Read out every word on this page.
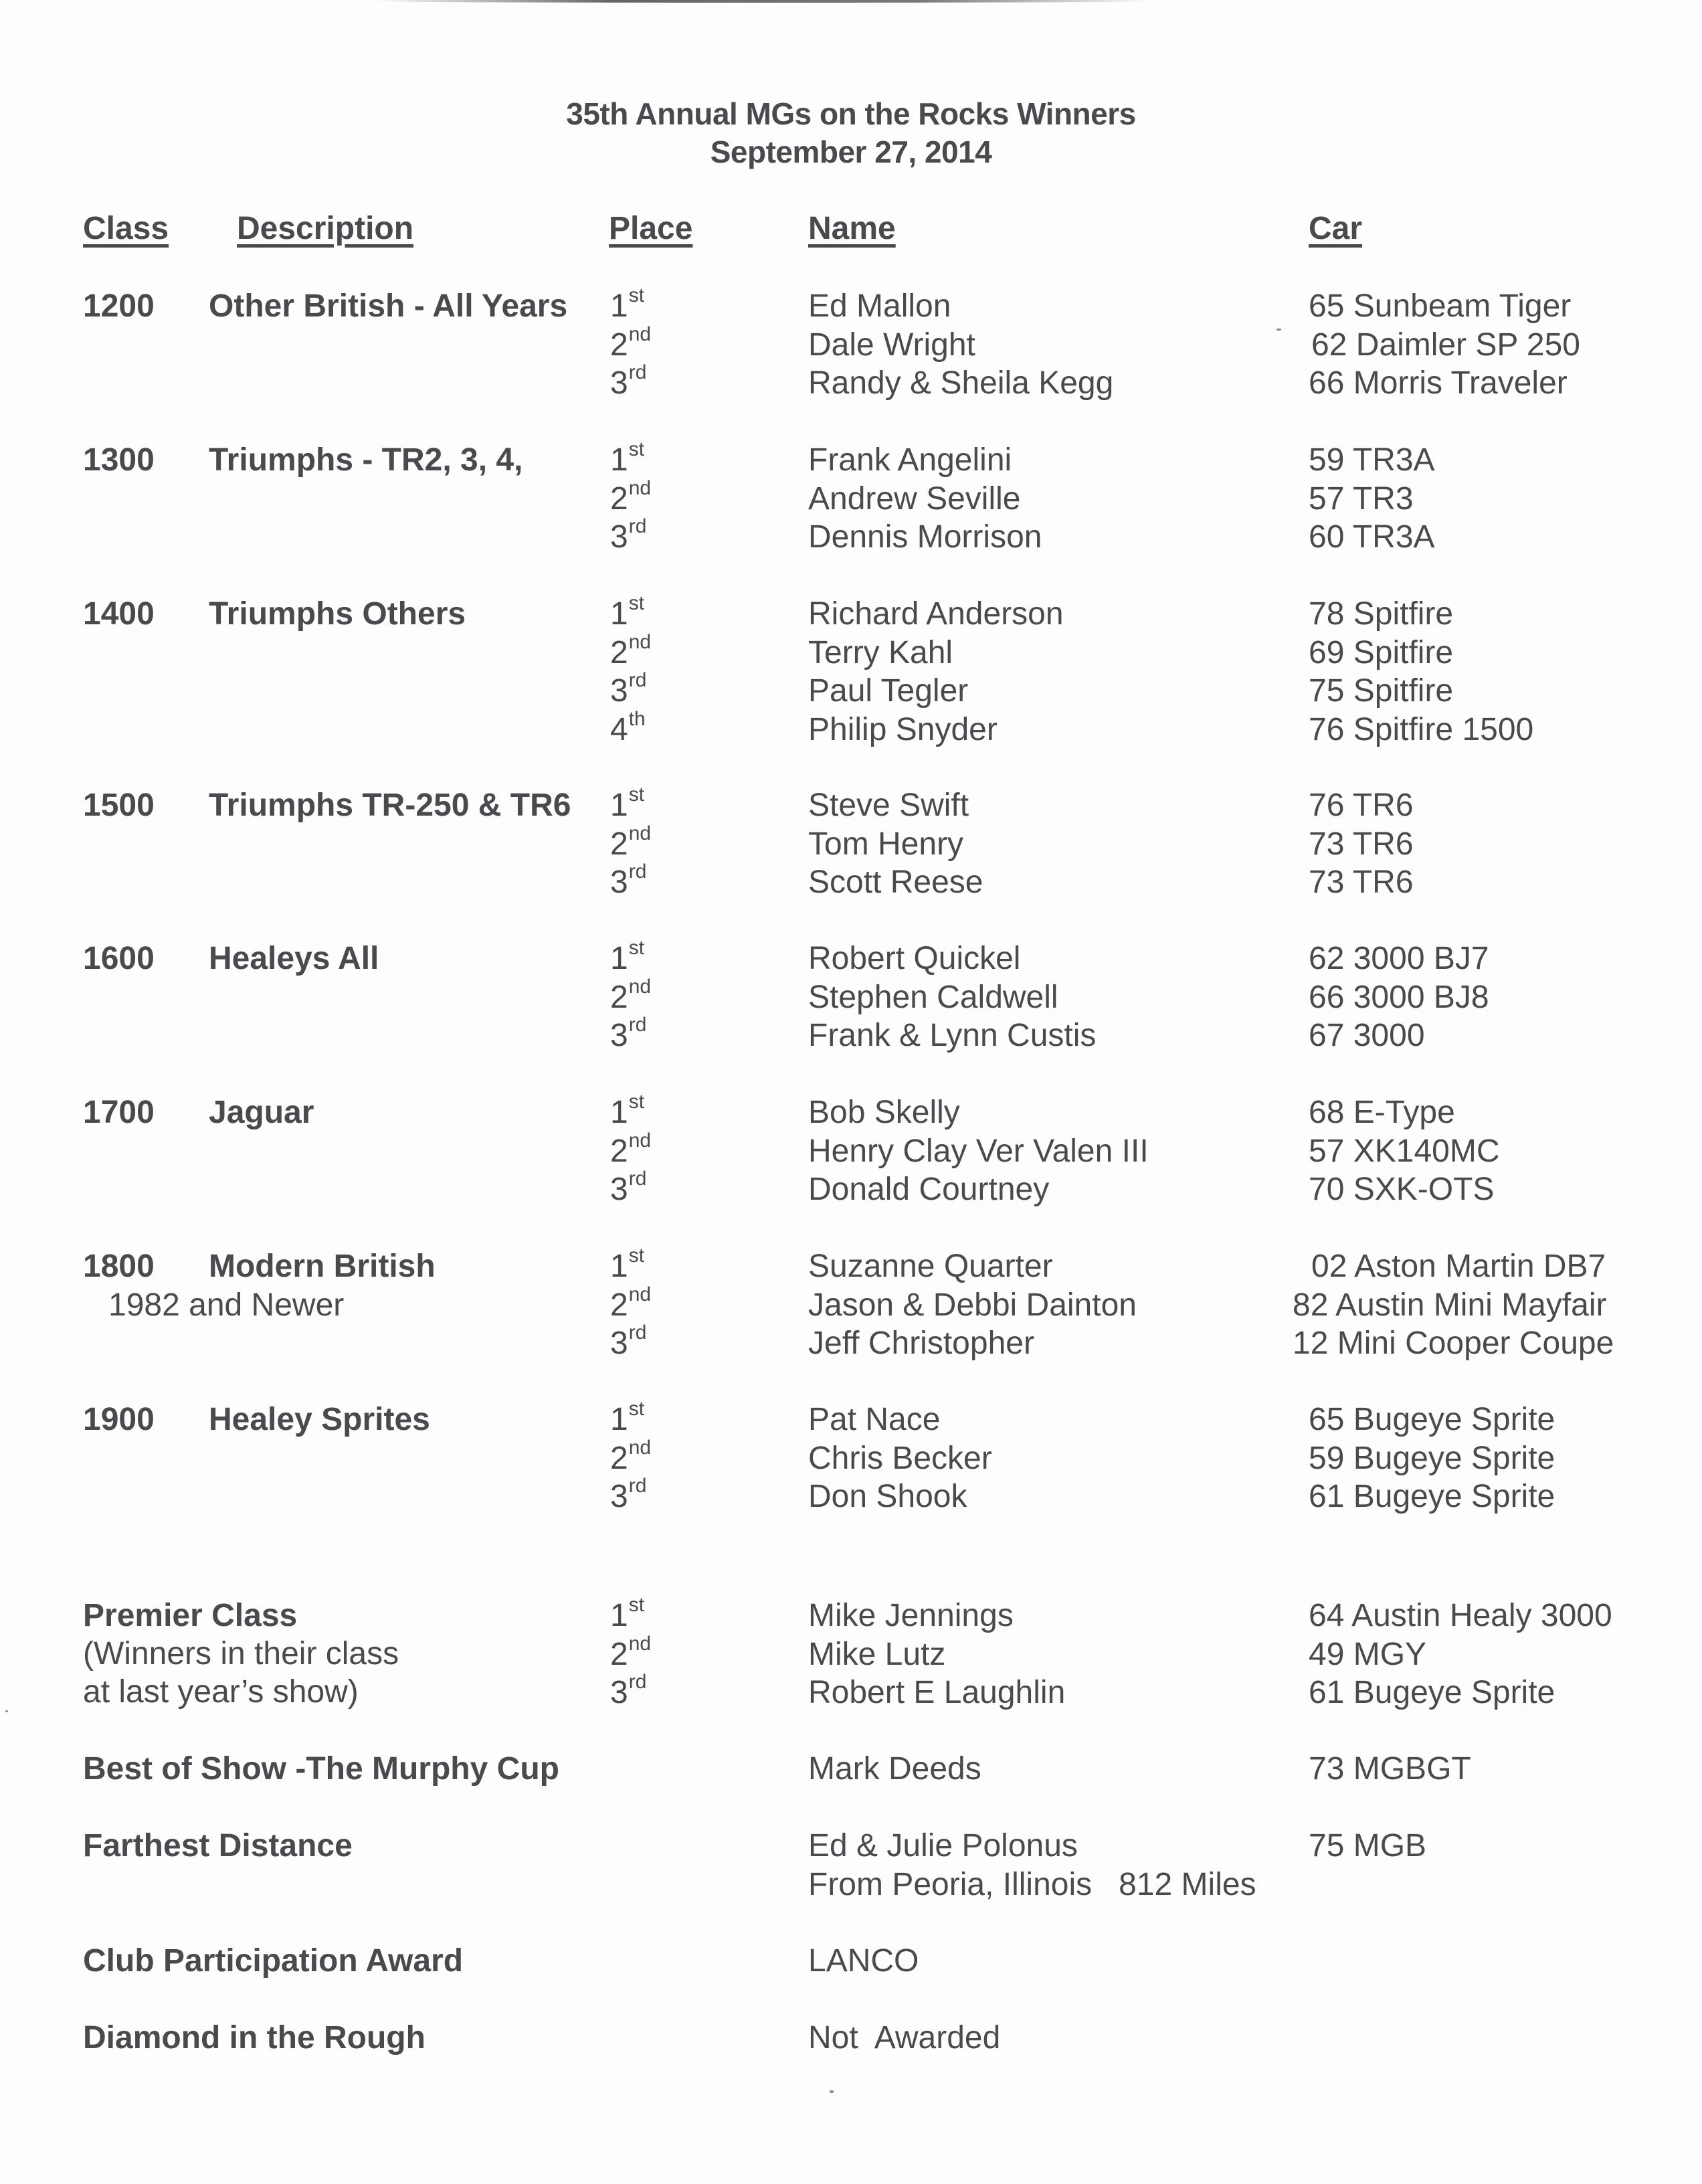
35th Annual MGs on the Rocks Winners
September 27, 2014
Class Description	Place	Name	Car
1200 Other British - All Years 1st	Ed Mallon	65 Sunbeam Tiger
2nd	Dale Wright	62 Daimler SP 250
3rd	Randy & Sheila Kegg	66 Morris Traveler
1300 Triumphs - TR2, 3, 4,	1st	Frank Angelini	59 TR3A
2nd	Andrew Seville	57 TR3
3rd	Dennis Morrison	60 TR3A
1400 Triumphs Others	1st	Richard Anderson	78 Spitfire
2nd	Terry Kahl	69 Spitfire
3rd	Paul Tegler	75 Spitfire
4th	Philip Snyder	76 Spitfire 1500
1500 Triumphs TR-250 & TR6 1st	Steve Swift	76 TR6
2nd	Tom Henry	73 TR6
3rd	Scott Reese	73 TR6
1600 Healeys All	1st	Robert Quickel	62 3000 BJ7
2nd	Stephen Caldwell	66 3000 BJ8
3rd	Frank & Lynn Custis	67 3000
1700 Jaguar	1st	Bob Skelly	68 E-Type
2nd	Henry Clay Ver Valen III	57 XK140MC
3rd	Donald Courtney	70 SXK-OTS
1800 Modern British
1982 and Newer
1st	Suzanne Quarter	02 Aston Martin DB7
2nd	Jason & Debbi Dainton	82 Austin Mini Mayfair
3rd	Jeff Christopher	12 Mini Cooper Coupe
1900 Healey Sprites	1st	Pat Nace	65 Bugeye Sprite
2nd	Chris Becker	59 Bugeye Sprite
3rd	Don Shook	61 Bugeye Sprite
Premier Class
(Winners in their class
at last year’s show)
1st	Mike Jennings	64 Austin Healy 3000
2nd	Mike Lutz	49 MGY
3rd	Robert E Laughlin	61 Bugeye Sprite
Best of Show -The Murphy Cup	Mark Deeds	73 MGBGT
Farthest Distance	Ed & Julie Polonus	75 MGB
From Peoria, Illinois   812 Miles
Club Participation Award	LANCO
Diamond in the Rough	Not  Awarded
